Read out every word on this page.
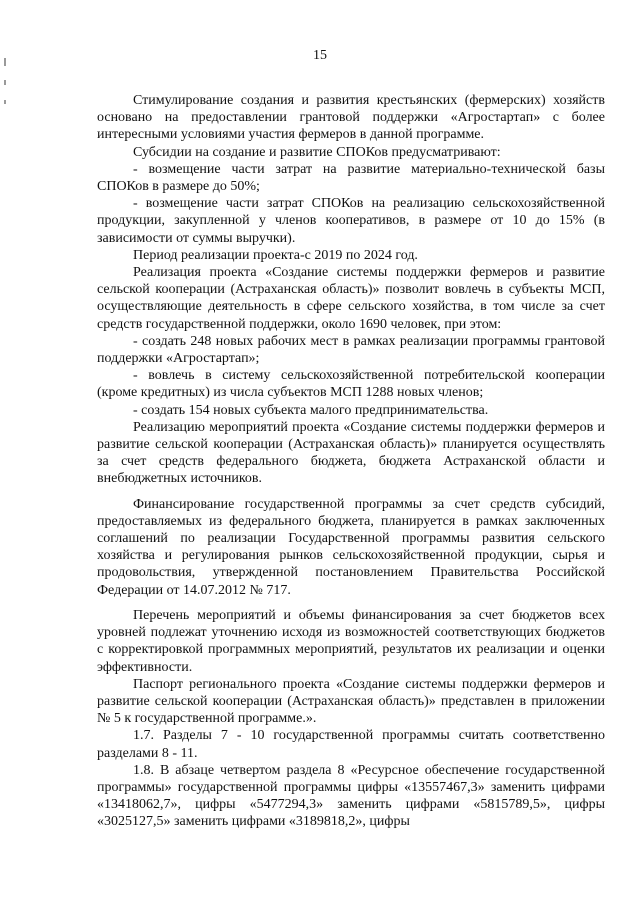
15

Стимулирование создания и развития крестьянских (фермерских) хозяйств основано на предоставлении грантовой поддержки «Агростартап» с более интересными условиями участия фермеров в данной программе.

Субсидии на создание и развитие СПОКов предусматривают:

- возмещение части затрат на развитие материально-технической базы СПОКов в размере до 50%;

- возмещение части затрат СПОКов на реализацию сельскохозяйственной продукции, закупленной у членов кооперативов, в размере от 10 до 15% (в зависимости от суммы выручки).

Период реализации проекта-с 2019 по 2024 год.

Реализация проекта «Создание системы поддержки фермеров и развитие сельской кооперации (Астраханская область)» позволит вовлечь в субъекты МСП, осуществляющие деятельность в сфере сельского хозяйства, в том числе за счет средств государственной поддержки, около 1690 человек, при этом:

- создать 248 новых рабочих мест в рамках реализации программы грантовой поддержки «Агростартап»;

- вовлечь в систему сельскохозяйственной потребительской кооперации (кроме кредитных) из числа субъектов МСП 1288 новых членов;

- создать 154 новых субъекта малого предпринимательства.

Реализацию мероприятий проекта «Создание системы поддержки фермеров и развитие сельской кооперации (Астраханская область)» планируется осуществлять за счет средств федерального бюджета, бюджета Астраханской области и внебюджетных источников.

Финансирование государственной программы за счет средств субсидий, предоставляемых из федерального бюджета, планируется в рамках заключенных соглашений по реализации Государственной программы развития сельского хозяйства и регулирования рынков сельскохозяйственной продукции, сырья и продовольствия, утвержденной постановлением Правительства Российской Федерации от 14.07.2012 № 717.

Перечень мероприятий и объемы финансирования за счет бюджетов всех уровней подлежат уточнению исходя из возможностей соответствующих бюджетов с корректировкой программных мероприятий, результатов их реализации и оценки эффективности.

Паспорт регионального проекта «Создание системы поддержки фермеров и развитие сельской кооперации (Астраханская область)» представлен в приложении № 5 к государственной программе.».

1.7. Разделы 7 - 10 государственной программы считать соответственно разделами 8 - 11.

1.8. В абзаце четвертом раздела 8 «Ресурсное обеспечение государственной программы» государственной программы цифры «13557467,3» заменить цифрами «13418062,7», цифры «5477294,3» заменить цифрами «5815789,5», цифры «3025127,5» заменить цифрами «3189818,2», цифры
